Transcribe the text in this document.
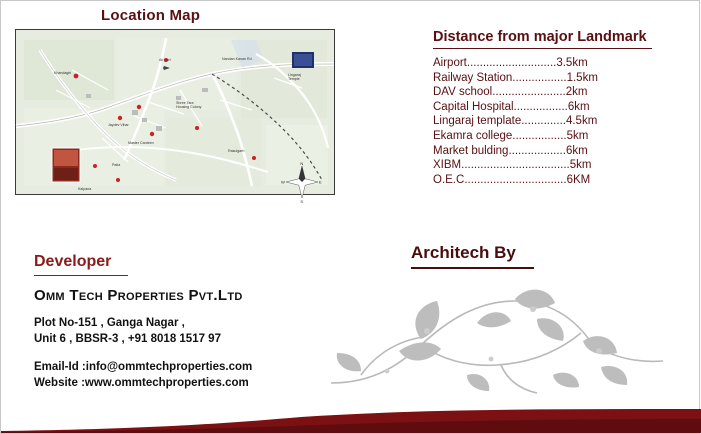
Location Map
Air port
Lingaraj
Temple
Khandagiri
Shree Tara
Housing Colony
Jaydev Vihar
Master Canteen
Kalpana
Rasulgarh
Nandan Kanan Rd
Patia	N
E
S
W
Distance from major Landmark
Airport............................3.5km
Railway Station.................1.5km
DAV school.......................2km
Capital Hospital.................6km
Lingaraj template..............4.5km
Ekamra college.................5km
Market bulding..................6km
XIBM..................................5km
O.E.C................................6KM
Developer
Omm Tech Properties Pvt.Ltd
Plot No-151 , Ganga Nagar ,
Unit 6 , BBSR-3 , +91 8018 1517 97
Email-Id :info@ommtechproperties.com
Website :www.ommtechproperties.com
Architech By
